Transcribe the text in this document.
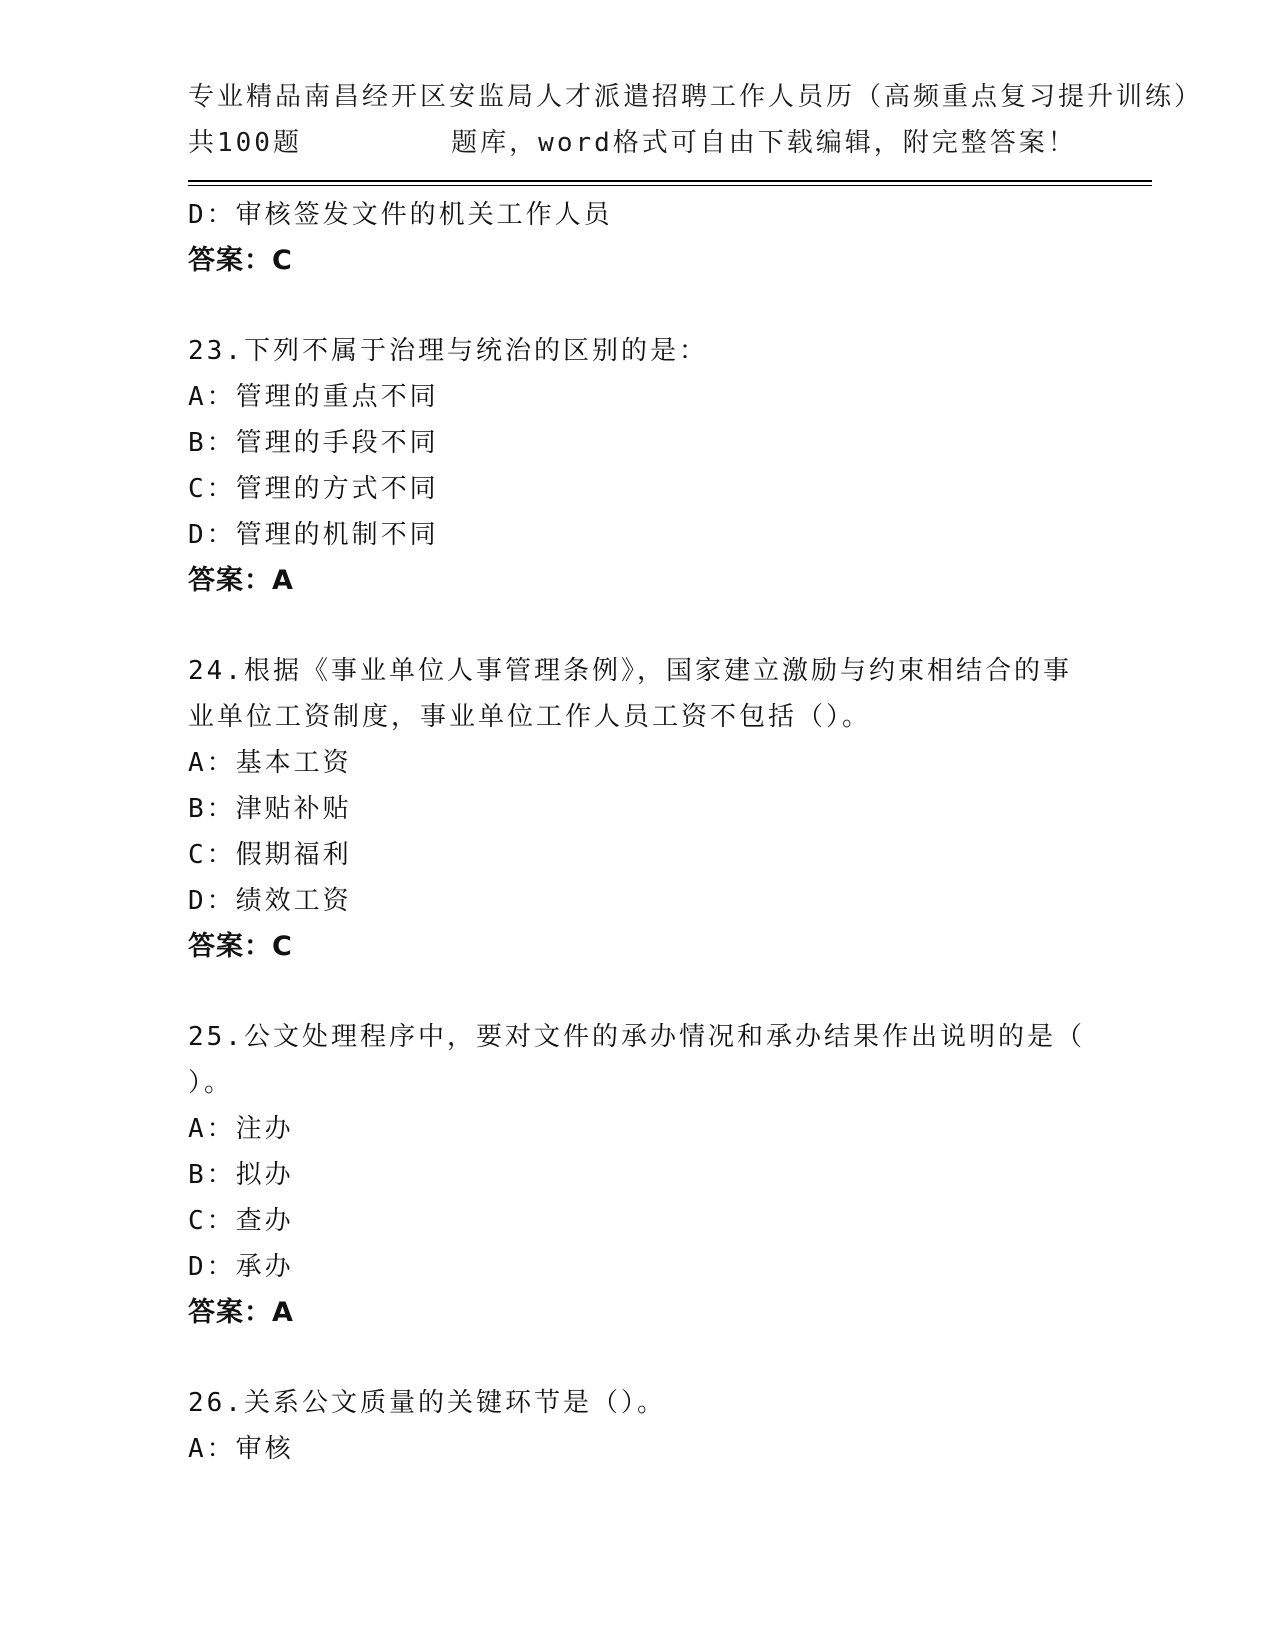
专业精品南昌经开区安监局人才派遣招聘工作人员历（高频重点复习提升训练）
共100题        题库，word格式可自由下载编辑，附完整答案！
D：审核签发文件的机关工作人员
答案：C
23.下列不属于治理与统治的区别的是：
A：管理的重点不同
B：管理的手段不同
C：管理的方式不同
D：管理的机制不同
答案：A
24.根据《事业单位人事管理条例》，国家建立激励与约束相结合的事
业单位工资制度，事业单位工作人员工资不包括（）。
A：基本工资
B：津贴补贴
C：假期福利
D：绩效工资
答案：C
25.公文处理程序中，要对文件的承办情况和承办结果作出说明的是（
）。
A：注办
B：拟办
C：查办
D：承办
答案：A
26.关系公文质量的关键环节是（）。
A：审核
